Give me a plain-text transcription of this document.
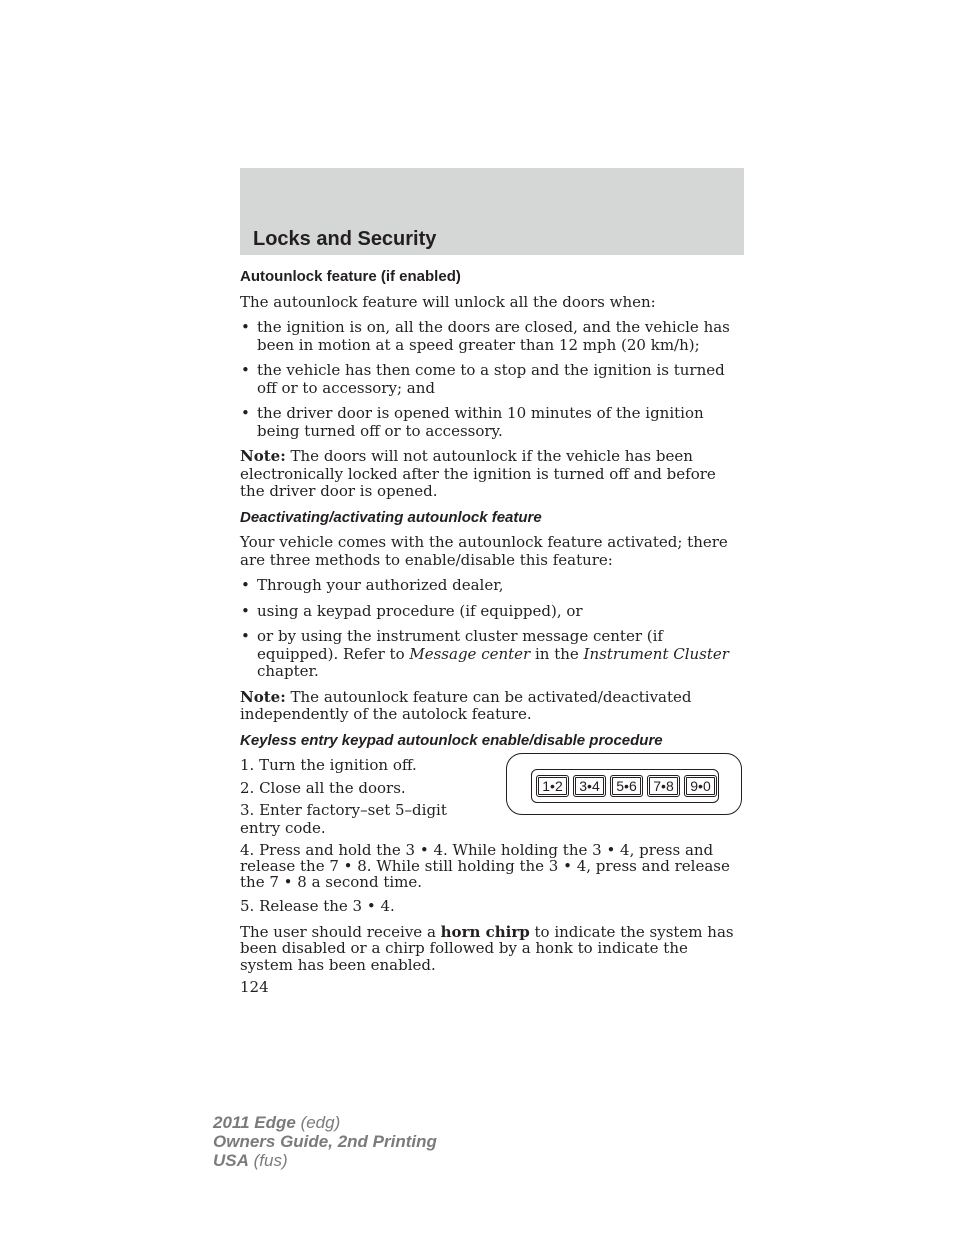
Locks and Security
Autounlock feature (if enabled)

The autounlock feature will unlock all the doors when:

• the ignition is on, all the doors are closed, and the vehicle has been in motion at a speed greater than 12 mph (20 km/h);
• the vehicle has then come to a stop and the ignition is turned off or to accessory; and
• the driver door is opened within 10 minutes of the ignition being turned off or to accessory.

Note: The doors will not autounlock if the vehicle has been electronically locked after the ignition is turned off and before the driver door is opened.

Deactivating/activating autounlock feature

Your vehicle comes with the autounlock feature activated; there are three methods to enable/disable this feature:

• Through your authorized dealer,
• using a keypad procedure (if equipped), or
• or by using the instrument cluster message center (if equipped). Refer to Message center in the Instrument Cluster chapter.

Note: The autounlock feature can be activated/deactivated independently of the autolock feature.

Keyless entry keypad autounlock enable/disable procedure

1. Turn the ignition off.

2. Close all the doors.

3. Enter factory–set 5–digit entry code.

1•2	3•4	5•6	7•8	9•0

4. Press and hold the 3 • 4. While holding the 3 • 4, press and release the 7 • 8. While still holding the 3 • 4, press and release the 7 • 8 a second time.

5. Release the 3 • 4.

The user should receive a horn chirp to indicate the system has been disabled or a chirp followed by a honk to indicate the system has been enabled.

124
2011 Edge (edg)
Owners Guide, 2nd Printing
USA (fus)
